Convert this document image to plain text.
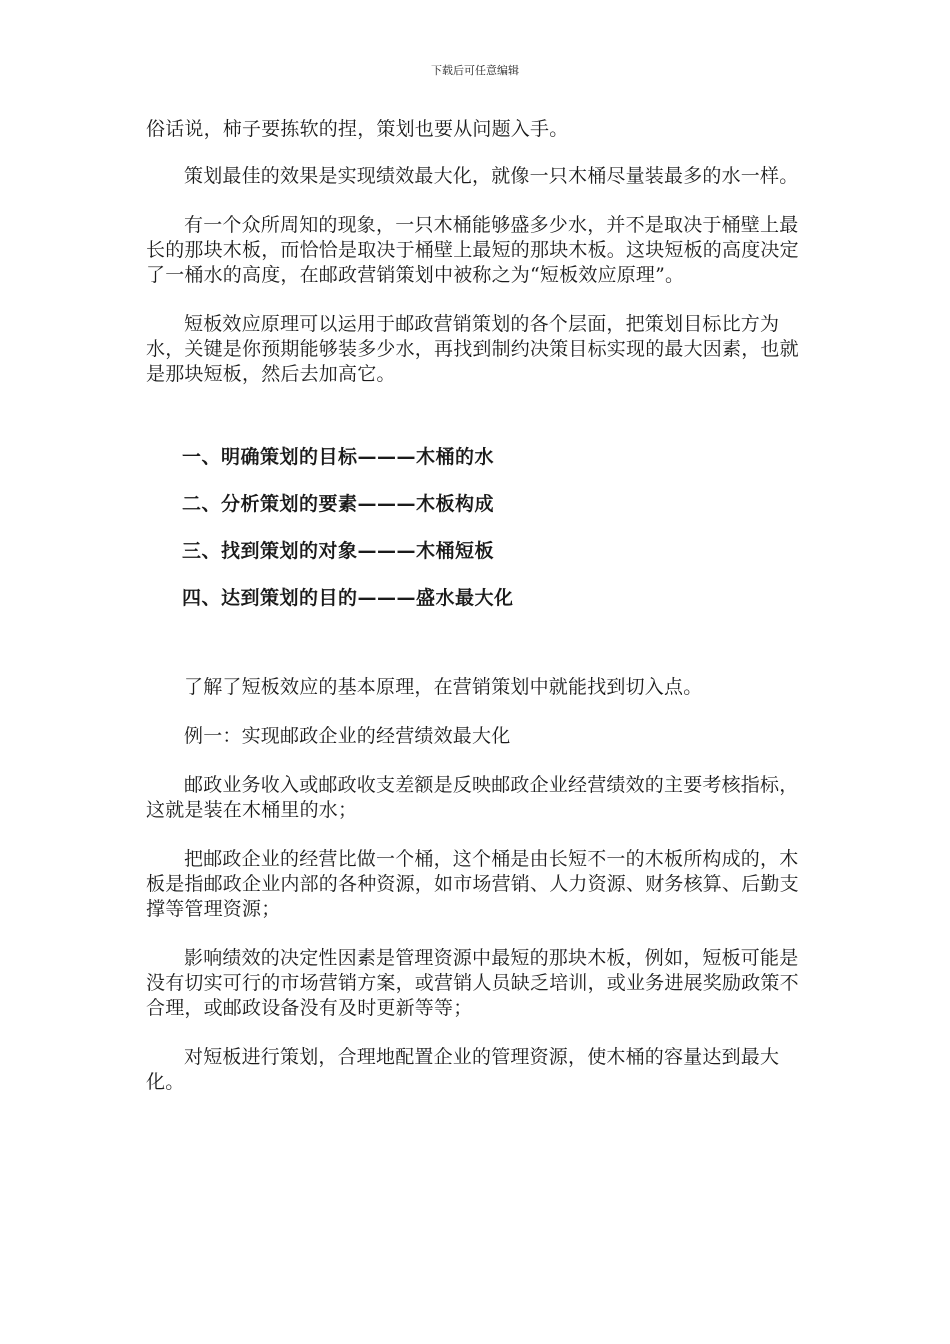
下载后可任意编辑

俗话说，柿子要拣软的捏，策划也要从问题入手。

策划最佳的效果是实现绩效最大化，就像一只木桶尽量装最多的水一样。

有一个众所周知的现象，一只木桶能够盛多少水，并不是取决于桶壁上最长的那块木板，而恰恰是取决于桶壁上最短的那块木板。这块短板的高度决定了一桶水的高度，在邮政营销策划中被称之为“短板效应原理”。

短板效应原理可以运用于邮政营销策划的各个层面，把策划目标比方为水，关键是你预期能够装多少水，再找到制约决策目标实现的最大因素，也就是那块短板，然后去加高它。

一、明确策划的目标———木桶的水

二、分析策划的要素———木板构成

三、找到策划的对象———木桶短板

四、达到策划的目的———盛水最大化

了解了短板效应的基本原理，在营销策划中就能找到切入点。

例一：实现邮政企业的经营绩效最大化

邮政业务收入或邮政收支差额是反映邮政企业经营绩效的主要考核指标，这就是装在木桶里的水；

把邮政企业的经营比做一个桶，这个桶是由长短不一的木板所构成的，木板是指邮政企业内部的各种资源，如市场营销、人力资源、财务核算、后勤支撑等管理资源；

影响绩效的决定性因素是管理资源中最短的那块木板，例如，短板可能是没有切实可行的市场营销方案，或营销人员缺乏培训，或业务进展奖励政策不合理，或邮政设备没有及时更新等等；

对短板进行策划，合理地配置企业的管理资源，使木桶的容量达到最大化。
